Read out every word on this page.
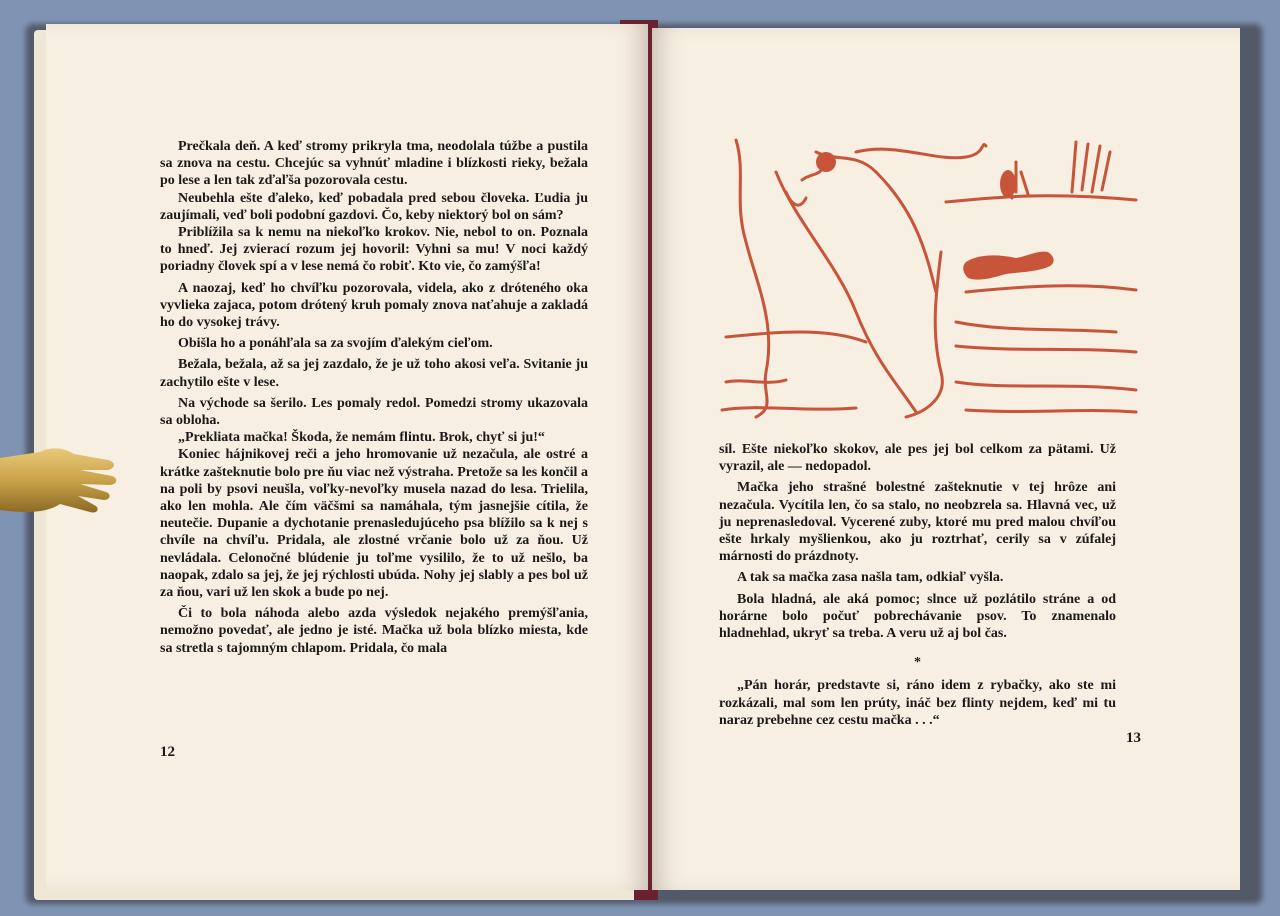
Prečkala deň. A keď stromy prikryla tma, neodolala túžbe a pustila sa znova na cestu. Chcejúc sa vyhnúť mladine i blízkosti rieky, bežala po lese a len tak zďaľša pozorovala cestu.

Neubehla ešte ďaleko, keď pobadala pred sebou človeka. Ľudia ju zaujímali, veď boli podobní gazdovi. Čo, keby niektorý bol on sám?

Priblížila sa k nemu na niekoľko krokov. Nie, nebol to on. Poznala to hneď. Jej zvierací rozum jej hovoril: Vyhni sa mu! V noci každý poriadny človek spí a v lese nemá čo robiť. Kto vie, čo zamýšľa!

A naozaj, keď ho chvíľku pozorovala, videla, ako z dróteného oka vyvlieka zajaca, potom drótený kruh pomaly znova naťahuje a zakladá ho do vysokej trávy.

Obišla ho a ponáhľala sa za svojím ďalekým cieľom.

Bežala, bežala, až sa jej zazdalo, že je už toho akosi veľa. Svitanie ju zachytilo ešte v lese.

Na východe sa šerilo. Les pomaly redol. Pomedzi stromy ukazovala sa obloha.

„Prekliata mačka! Škoda, že nemám flintu. Brok, chyť si ju!“

Koniec hájnikovej reči a jeho hromovanie už nezačula, ale ostré a krátke zašteknutie bolo pre ňu viac než výstraha. Pretože sa les končil a na poli by psovi neušla, voľky-nevoľky musela nazad do lesa. Trielila, ako len mohla. Ale čím väčšmi sa namáhala, tým jasnejšie cítila, že neutečie. Dupanie a dychotanie prenasledujúceho psa blížilo sa k nej s chvíle na chvíľu. Pridala, ale zlostné vrčanie bolo už za ňou. Už nevládala. Celonočné blúdenie ju toľme vysililo, že to už nešlo, ba naopak, zdalo sa jej, že jej rýchlosti ubúda. Nohy jej slably a pes bol už za ňou, vari už len skok a bude po nej.

Či to bola náhoda alebo azda výsledok nejakého premýšľania, nemožno povedať, ale jedno je isté. Mačka už bola blízko miesta, kde sa stretla s tajomným chlapom. Pridala, čo mala

12

síl. Ešte niekoľko skokov, ale pes jej bol celkom za pätami. Už vyrazil, ale — nedopadol.

Mačka jeho strašné bolestné zašteknutie v tej hrôze ani nezačula. Vycítila len, čo sa stalo, no neobzrela sa. Hlavná vec, už ju neprenasledoval. Vycerené zuby, ktoré mu pred malou chvíľou ešte hrkaly myšlienkou, ako ju roztrhať, cerily sa v zúfalej márnosti do prázdnoty.

A tak sa mačka zasa našla tam, odkiaľ vyšla.

Bola hladná, ale aká pomoc; slnce už pozlátilo stráne a od horárne bolo počuť pobrechávanie psov. To znamenalo hladnehlad, ukryť sa treba. A veru už aj bol čas.

*

„Pán horár, predstavte si, ráno idem z rybačky, ako ste mi rozkázali, mal som len prúty, ináč bez flinty nejdem, keď mi tu naraz prebehne cez cestu mačka . . .“

13
